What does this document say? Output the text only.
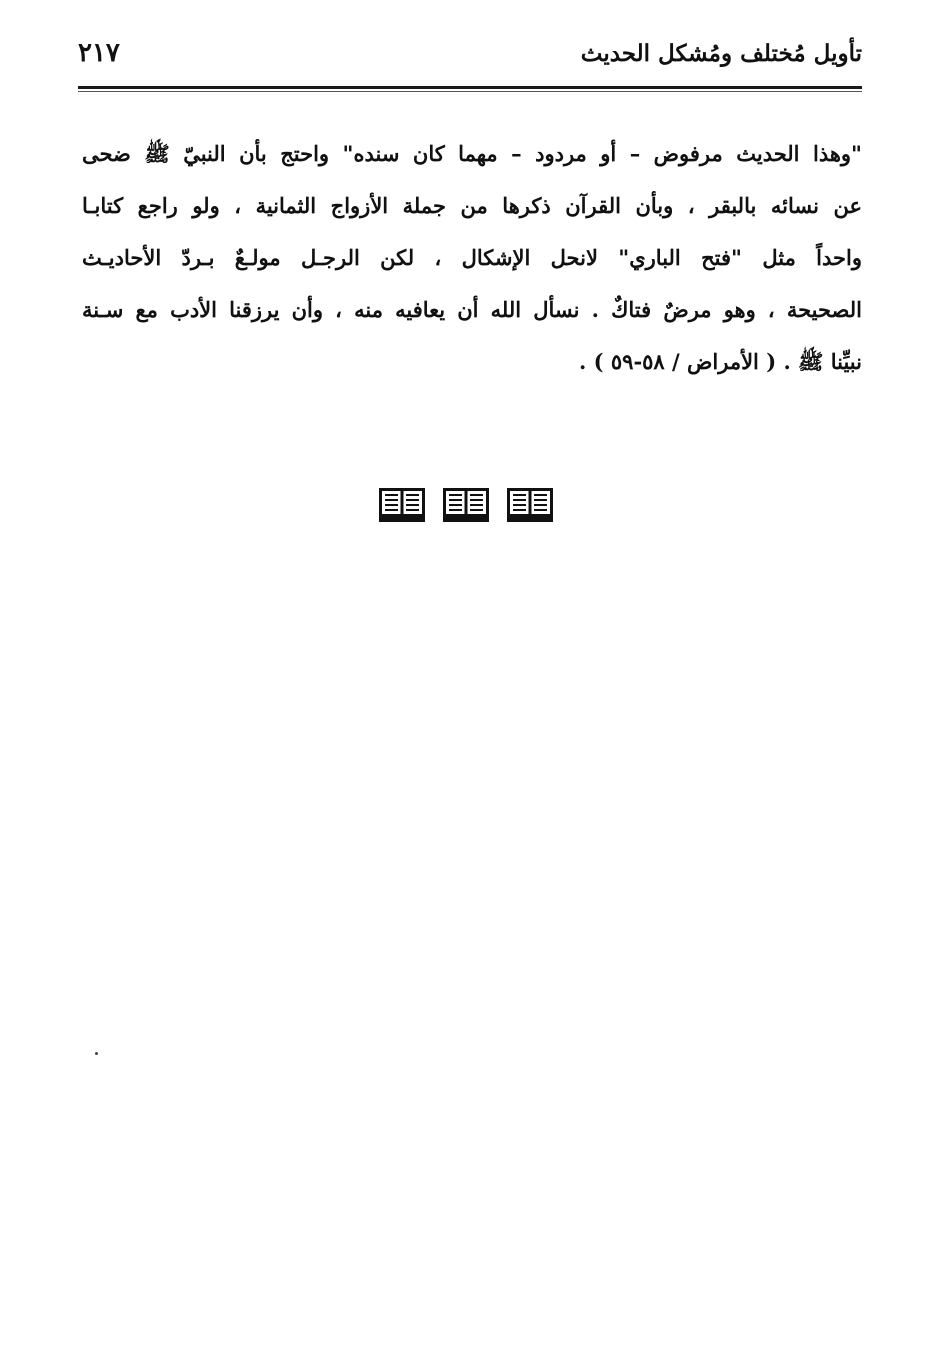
تأويل مُختلف ومُشكل الحديث
٢١٧

"وهذا الحديث مرفوض – أو مردود – مهما كان سنده" واحتج بأن النبيّ ﷺ ضحى
عن نسائه بالبقر ، وبأن القرآن ذكرها من جملة الأزواج الثمانية ، ولو راجع كتابـا
واحداً مثل "فتح الباري" لانحل الإشكال ، لكن الرجـل مولـعٌ بـردّ الأحاديـث
الصحيحة ، وهو مرضٌ فتاكٌ . نسأل الله أن يعافيه منه ، وأن يرزقنا الأدب مع سـنة
نبيِّنا ﷺ . ( الأمراض / ٥٨-٥٩ ) .
